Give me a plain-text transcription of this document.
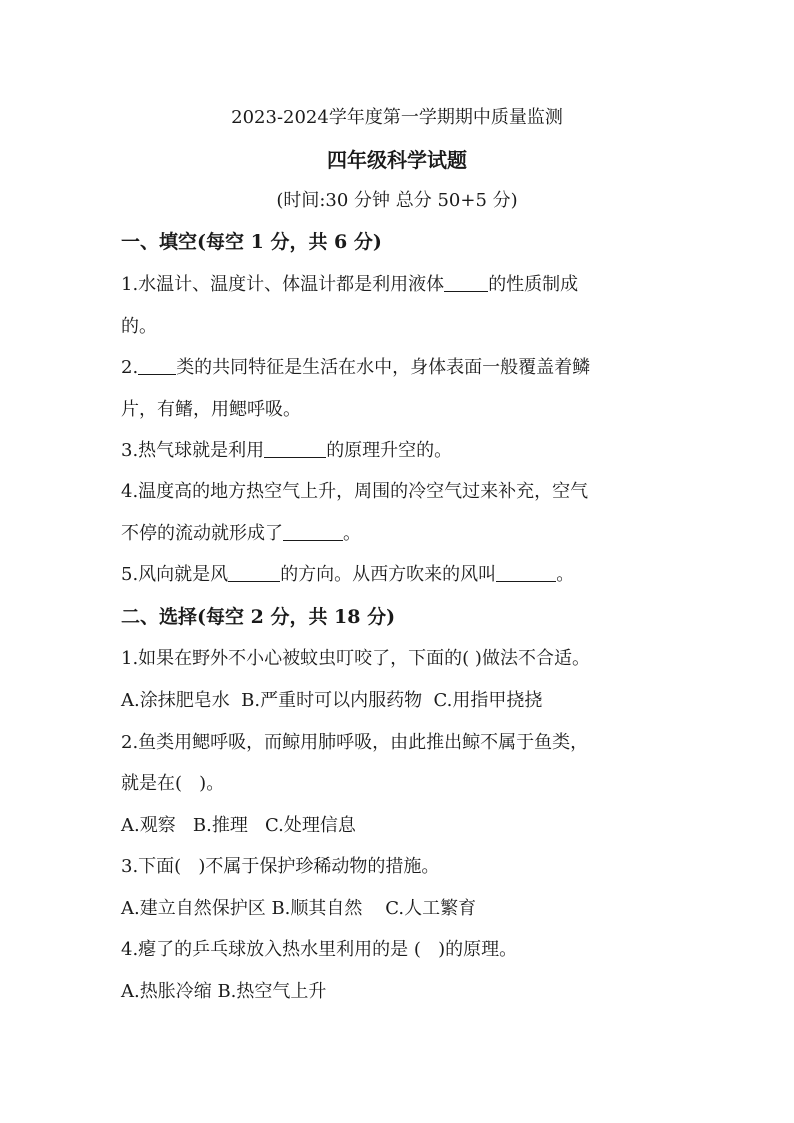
2023-2024学年度第一学期期中质量监测
四年级科学试题
(时间:30 分钟 总分 50+5 分)
一、填空(每空 1 分，共 6 分)
1.水温计、温度计、体温计都是利用液体 的性质制成
的。
2. 类的共同特征是生活在水中，身体表面一般覆盖着鳞
片，有鳍，用鳃呼吸。
3.热气球就是利用	的原理升空的。
4.温度高的地方热空气上升，周围的冷空气过来补充，空气
不停的流动就形成了	。
5.风向就是风	的方向。从西方吹来的风叫	。
二、选择(每空 2 分，共 18 分)
1.如果在野外不小心被蚊虫叮咬了，下面的( )做法不合适。
A.涂抹肥皂水  B.严重时可以内服药物  C.用指甲挠挠
2.鱼类用鳃呼吸，而鲸用肺呼吸，由此推出鲸不属于鱼类，
就是在(   )。
A.观察   B.推理   C.处理信息
3.下面(   )不属于保护珍稀动物的措施。
A.建立自然保护区 B.顺其自然    C.人工繁育
4.瘪了的乒乓球放入热水里利用的是 (   )的原理。
A.热胀冷缩 B.热空气上升
